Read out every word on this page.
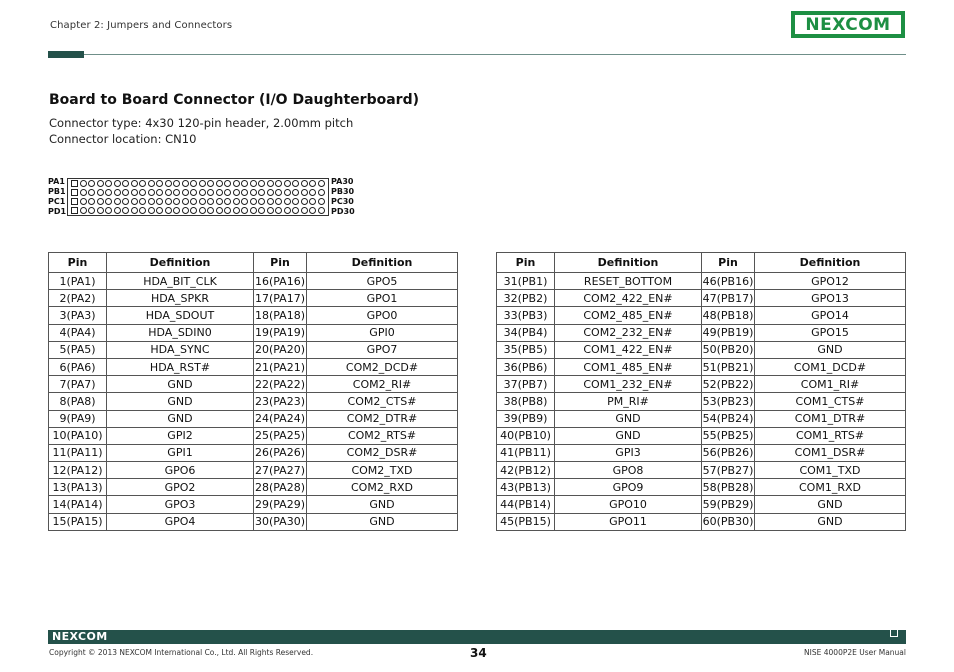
Chapter 2: Jumpers and Connectors	NEXCOM
Board to Board Connector (I/O Daughterboard)
Connector type: 4x30 120-pin header, 2.00mm pitch
Connector location: CN10
PA1
PB1
PC1
PD1
PA30
PB30
PC30
PD30
Pin	Definition	Pin	Definition
1(PA1)	HDA_BIT_CLK	16(PA16)	GPO5
2(PA2)	HDA_SPKR	17(PA17)	GPO1
3(PA3)	HDA_SDOUT	18(PA18)	GPO0
4(PA4)	HDA_SDIN0	19(PA19)	GPI0
5(PA5)	HDA_SYNC	20(PA20)	GPO7
6(PA6)	HDA_RST#	21(PA21)	COM2_DCD#
7(PA7)	GND	22(PA22)	COM2_RI#
8(PA8)	GND	23(PA23)	COM2_CTS#
9(PA9)	GND	24(PA24)	COM2_DTR#
10(PA10)	GPI2	25(PA25)	COM2_RTS#
11(PA11)	GPI1	26(PA26)	COM2_DSR#
12(PA12)	GPO6	27(PA27)	COM2_TXD
13(PA13)	GPO2	28(PA28)	COM2_RXD
14(PA14)	GPO3	29(PA29)	GND
15(PA15)	GPO4	30(PA30)	GND
Pin	Definition	Pin	Definition
31(PB1)	RESET_BOTTOM	46(PB16)	GPO12
32(PB2)	COM2_422_EN#	47(PB17)	GPO13
33(PB3)	COM2_485_EN#	48(PB18)	GPO14
34(PB4)	COM2_232_EN#	49(PB19)	GPO15
35(PB5)	COM1_422_EN#	50(PB20)	GND
36(PB6)	COM1_485_EN#	51(PB21)	COM1_DCD#
37(PB7)	COM1_232_EN#	52(PB22)	COM1_RI#
38(PB8)	PM_RI#	53(PB23)	COM1_CTS#
39(PB9)	GND	54(PB24)	COM1_DTR#
40(PB10)	GND	55(PB25)	COM1_RTS#
41(PB11)	GPI3	56(PB26)	COM1_DSR#
42(PB12)	GPO8	57(PB27)	COM1_TXD
43(PB13)	GPO9	58(PB28)	COM1_RXD
44(PB14)	GPO10	59(PB29)	GND
45(PB15)	GPO11	60(PB30)	GND
NEXCOM
Copyright © 2013 NEXCOM International Co., Ltd. All Rights Reserved.	34	NISE 4000P2E User Manual
